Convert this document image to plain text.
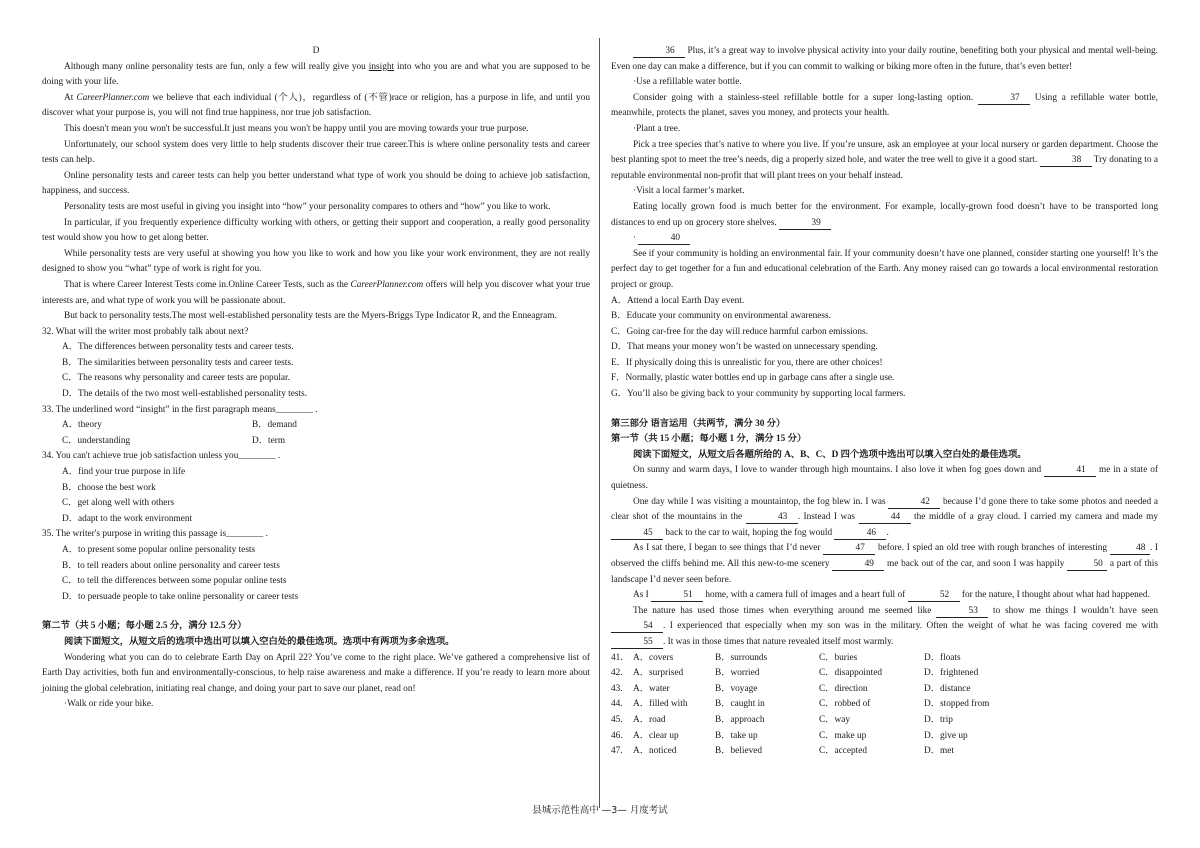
D

Although many online personality tests are fun, only a few will really give you insight into who you are and what you are supposed to be doing with your life.

At CareerPlanner.com we believe that each individual (个人)，regardless of (不管)race or religion, has a purpose in life, and until you discover what your purpose is, you will not find true happiness, nor true job satisfaction.

This doesn't mean you won't be successful.It just means you won't be happy until you are moving towards your true purpose.

Unfortunately, our school system does very little to help students discover their true career.This is where online personality tests and career tests can help.

Online personality tests and career tests can help you better understand what type of work you should be doing to achieve job satisfaction, happiness, and success.

Personality tests are most useful in giving you insight into “how” your personality compares to others and “how” you like to work.

In particular, if you frequently experience difficulty working with others, or getting their support and cooperation, a really good personality test would show you how to get along better.

While personality tests are very useful at showing you how you like to work and how you like your work environment, they are not really designed to show you “what” type of work is right for you.

That is where Career Interest Tests come in.Online Career Tests, such as the CareerPlanner.com offers will help you discover what your true interests are, and what type of work you will be passionate about.

But back to personality tests.The most well-established personality tests are the Myers-Briggs Type Indicator R, and the Enneagram.

32. What will the writer most probably talk about next?

A．The differences between personality tests and career tests.

B．The similarities between personality tests and career tests.

C．The reasons why personality and career tests are popular.

D．The details of the two most well-established personality tests.

33. The underlined word “insight” in the first paragraph means________ .

A．theory	B．demand
C．understanding	D．term

34. You can't achieve true job satisfaction unless you________ .

A．find your true purpose in life

B．choose the best work

C．get along well with others

D．adapt to the work environment

35. The writer's purpose in writing this passage is________ .

A．to present some popular online personality tests

B．to tell readers about online personality and career tests

C．to tell the differences between some popular online tests

D．to persuade people to take online personality or career tests

第二节（共 5 小题；每小题 2.5 分，满分 12.5 分）

阅读下面短文，从短文后的选项中选出可以填入空白处的最佳选项。选项中有两项为多余选项。

Wondering what you can do to celebrate Earth Day on April 22? You’ve come to the right place. We’ve gathered a comprehensive list of Earth Day activities, both fun and environmentally-conscious, to help raise awareness and make a difference. If you’re ready to learn more about joining the global celebration, initiating real change, and doing your part to save our planet, read on!

·Walk or ride your bike.

36 Plus, it’s a great way to involve physical activity into your daily routine, benefiting both your physical and mental well-being. Even one day can make a difference, but if you can commit to walking or biking more often in the future, that’s even better!

·Use a refillable water bottle.

Consider going with a stainless-steel refillable bottle for a super long-lasting option.	37 Using a refillable water bottle, meanwhile, protects the planet, saves you money, and protects your health.

·Plant a tree.

Pick a tree species that’s native to where you live. If you’re unsure, ask an employee at your local nursery or garden department. Choose the best planting spot to meet the tree’s needs, dig a properly sized hole, and water the tree well to give it a good start.	38 Try donating to a reputable environmental non-profit that will plant trees on your behalf instead.

·Visit a local farmer’s market.

Eating locally grown food is much better for the environment. For example, locally-grown food doesn’t have to be transported long distances to end up on grocery store shelves.	39

·	40

See if your community is holding an environmental fair. If your community doesn’t have one planned, consider starting one yourself! It’s the perfect day to get together for a fun and educational celebration of the Earth. Any money raised can go towards a local environmental restoration project or group.

A．Attend a local Earth Day event.

B．Educate your community on environmental awareness.

C．Going car-free for the day will reduce harmful carbon emissions.

D．That means your money won’t be wasted on unnecessary spending.

E．If physically doing this is unrealistic for you, there are other choices!

F．Normally, plastic water bottles end up in garbage cans after a single use.

G．You’ll also be giving back to your community by supporting local farmers.

第三部分 语言运用（共两节，满分 30 分）

第一节（共 15 小题；每小题 1 分，满分 15 分）

阅读下面短文，从短文后各题所给的 A、B、C、D 四个选项中选出可以填入空白处的最佳选项。

On sunny and warm days, I love to wander through high mountains. I also love it when fog goes down and	41 me in a state of quietness.

One day while I was visiting a mountaintop, the fog blew in. I was	42 because I’d gone there to take some photos and needed a clear shot of the mountains in the	43 . Instead I was	44 the middle of a gray cloud. I carried my camera and made my 45 back to the car to wait, hoping the fog would	46 .

As I sat there, I began to see things that I’d never	47 before. I spied an old tree with rough branches of interesting	48 . I observed the cliffs behind me. All this new-to-me scenery	49 me back out of the car, and soon I was happily	50 a part of this landscape I’d never seen before.

As I	51 home, with a camera full of images and a heart full of	52 for the nature, I thought about what had happened.

The nature has used those times when everything around me seemed like	53 to show me things I wouldn’t have seen 54 . I experienced that especially when my son was in the military. Often the weight of what he was facing covered me with 55 . It was in those times that nature revealed itself most warmly.

41.	A．covers	B．surrounds	C．buries	D．floats
42.	A．surprised	B．worried	C．disappointed	D．frightened
43.	A．water	B．voyage	C．direction	D．distance
44.	A．filled with	B．caught in	C．robbed of	D．stopped from
45.	A．road	B．approach	C．way	D．trip
46.	A．clear up	B．take up	C．make up	D．give up
47.	A．noticed	B．believed	C．accepted	D．met
县城示范性高中 —3— 月度考试
